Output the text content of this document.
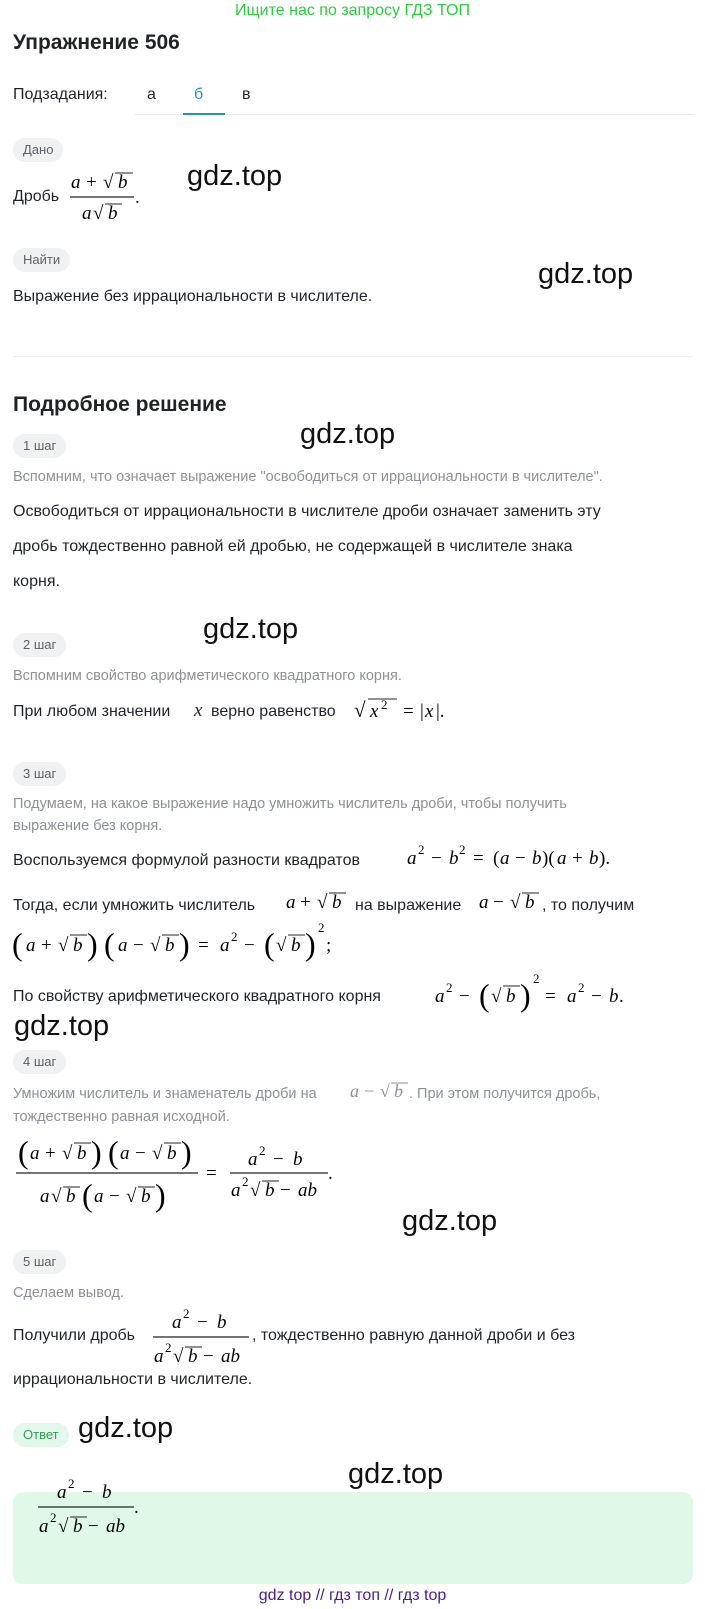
Ищите нас по запросу ГДЗ ТОП
Упражнение 506
Подзадания: а б в
Дано
Дробь
a + √ b
a √ b
.
gdz.top
Найти	gdz.top
Выражение без иррациональности в числителе.
Подробное решение
1 шаг	gdz.top
Вспомним, что означает выражение "освободиться от иррациональности в числителе".
Освободиться от иррациональности в числителе дроби означает заменить эту
дробь тождественно равной ей дробью, не содержащей в числителе знака
корня.
2 шаг	gdz.top
Вспомним свойство арифметического квадратного корня.
При любом значении x верно равенство √ x 2 = | x |.
3 шаг
Подумаем, на какое выражение надо умножить числитель дроби, чтобы получить
выражение без корня.
Воспользуемся формулой разности квадратов a 2 − b 2 = ( a − b )( a + b ).
Тогда, если умножить числитель a + √ b на выражение a − √ b , то получим
( a + √ b ) ( a − √ b ) = a 2 − ( √ b ) 2
;
По свойству арифметического квадратного корня	a 2 − ( √ b ) 2
= a 2 − b .
gdz.top
4 шаг
Умножим числитель и знаменатель дроби на a − √ b . При этом получится дробь,
тождественно равная исходной.
( a + √ b ) ( a − √ b )
a √ b ( a − √ b )
=
a 2 − b
a 2 √ b − ab
.
gdz.top
5 шаг
Сделаем вывод.
Получили дробь
a 2 − b
a 2 √ b − ab
, тождественно равную данной дроби и без
иррациональности в числителе.
Ответ gdz.top
a 2 − b
a 2 √ b − ab
.
gdz.top
gdz top // гдз топ // гдз top
